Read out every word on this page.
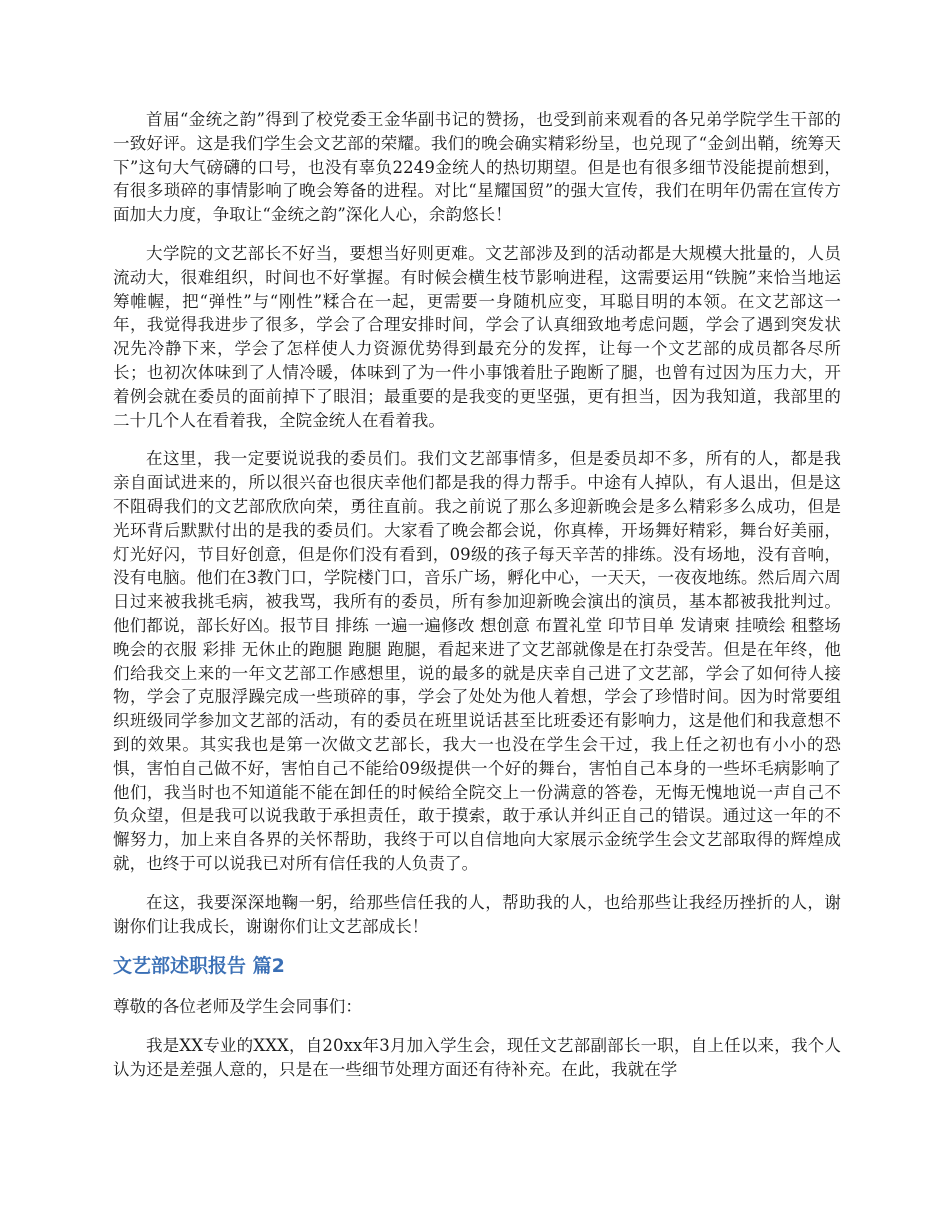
首届“金统之韵”得到了校党委王金华副书记的赞扬，也受到前来观看的各兄弟学院学生干部的一致好评。这是我们学生会文艺部的荣耀。我们的晚会确实精彩纷呈，也兑现了“金剑出鞘，统筹天下”这句大气磅礴的口号，也没有辜负2249金统人的热切期望。但是也有很多细节没能提前想到，有很多琐碎的事情影响了晚会筹备的进程。对比“星耀国贸”的强大宣传，我们在明年仍需在宣传方面加大力度，争取让“金统之韵”深化人心，余韵悠长！

大学院的文艺部长不好当，要想当好则更难。文艺部涉及到的活动都是大规模大批量的，人员流动大，很难组织，时间也不好掌握。有时候会横生枝节影响进程，这需要运用“铁腕”来恰当地运筹帷幄，把“弹性”与“刚性”糅合在一起，更需要一身随机应变，耳聪目明的本领。在文艺部这一年，我觉得我进步了很多，学会了合理安排时间，学会了认真细致地考虑问题，学会了遇到突发状况先冷静下来，学会了怎样使人力资源优势得到最充分的发挥，让每一个文艺部的成员都各尽所长；也初次体味到了人情冷暖，体味到了为一件小事饿着肚子跑断了腿，也曾有过因为压力大，开着例会就在委员的面前掉下了眼泪；最重要的是我变的更坚强，更有担当，因为我知道，我部里的二十几个人在看着我，全院金统人在看着我。

在这里，我一定要说说我的委员们。我们文艺部事情多，但是委员却不多，所有的人，都是我亲自面试进来的，所以很兴奋也很庆幸他们都是我的得力帮手。中途有人掉队，有人退出，但是这不阻碍我们的文艺部欣欣向荣，勇往直前。我之前说了那么多迎新晚会是多么精彩多么成功，但是光环背后默默付出的是我的委员们。大家看了晚会都会说，你真棒，开场舞好精彩，舞台好美丽，灯光好闪，节目好创意，但是你们没有看到，09级的孩子每天辛苦的排练。没有场地，没有音响，没有电脑。他们在3教门口，学院楼门口，音乐广场，孵化中心，一天天，一夜夜地练。然后周六周日过来被我挑毛病，被我骂，我所有的委员，所有参加迎新晚会演出的演员，基本都被我批判过。他们都说，部长好凶。报节目 排练 一遍一遍修改 想创意 布置礼堂 印节目单 发请柬 挂喷绘 租整场晚会的衣服 彩排 无休止的跑腿 跑腿 跑腿，看起来进了文艺部就像是在打杂受苦。但是在年终，他们给我交上来的一年文艺部工作感想里，说的最多的就是庆幸自己进了文艺部，学会了如何待人接物，学会了克服浮躁完成一些琐碎的事，学会了处处为他人着想，学会了珍惜时间。因为时常要组织班级同学参加文艺部的活动，有的委员在班里说话甚至比班委还有影响力，这是他们和我意想不到的效果。其实我也是第一次做文艺部长，我大一也没在学生会干过，我上任之初也有小小的恐惧，害怕自己做不好，害怕自己不能给09级提供一个好的舞台，害怕自己本身的一些坏毛病影响了他们，我当时也不知道能不能在卸任的时候给全院交上一份满意的答卷，无悔无愧地说一声自己不负众望，但是我可以说我敢于承担责任，敢于摸索，敢于承认并纠正自己的错误。通过这一年的不懈努力，加上来自各界的关怀帮助，我终于可以自信地向大家展示金统学生会文艺部取得的辉煌成就，也终于可以说我已对所有信任我的人负责了。

在这，我要深深地鞠一躬，给那些信任我的人，帮助我的人，也给那些让我经历挫折的人，谢谢你们让我成长，谢谢你们让文艺部成长！

文艺部述职报告 篇2

尊敬的各位老师及学生会同事们：

我是XX专业的XXX，自20xx年3月加入学生会，现任文艺部副部长一职，自上任以来，我个人认为还是差强人意的，只是在一些细节处理方面还有待补充。在此，我就在学
